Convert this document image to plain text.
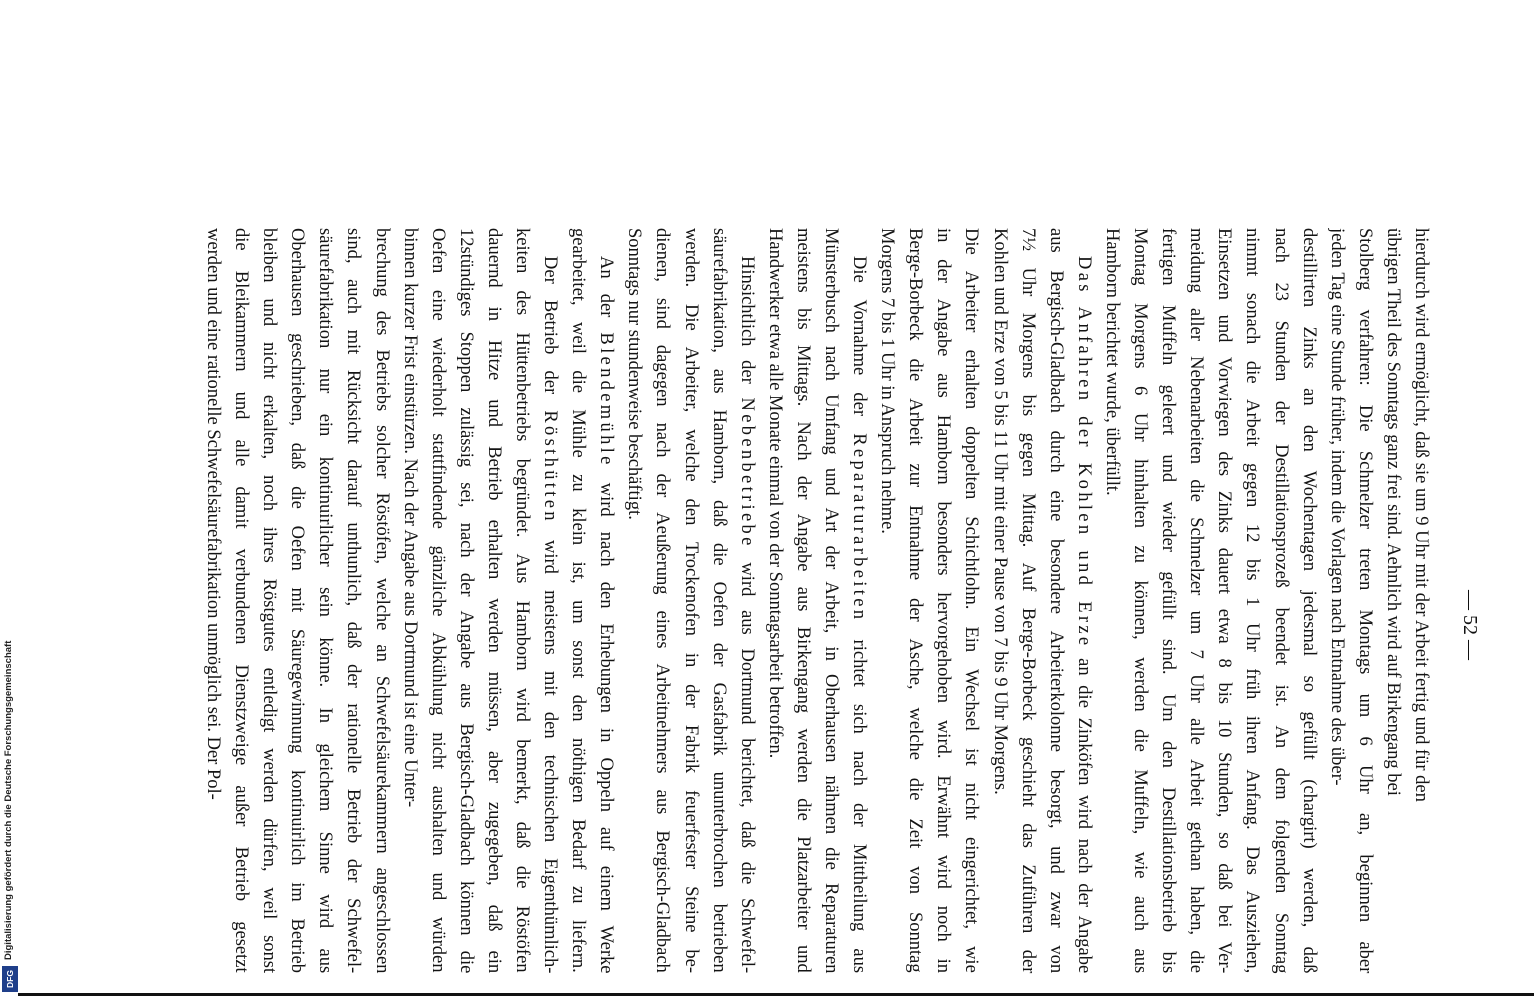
Digitalisierung gefördert durch die Deutsche Forschungsgemeinschaft
DFG
hierdurch wird ermöglicht, daß sie um 9 Uhr mit der Arbeit fertig und für den
übrigen Theil des Sonntags ganz frei sind. Aehnlich wird auf Birkengang bei
Stolberg verfahren: Die Schmelzer treten Montags um 6 Uhr an, beginnen aber
jeden Tag eine Stunde früher, indem die Vorlagen nach Entnahme des über-
destillirten Zinks an den Wochentagen jedesmal so gefüllt (chargirt) werden, daß
nach 23 Stunden der Destillationsprozeß beendet ist. An dem folgenden Sonntag
nimmt sonach die Arbeit gegen 12 bis 1 Uhr früh ihren Anfang. Das Ausziehen,
Einsetzen und Vorwiegen des Zinks dauert etwa 8 bis 10 Stunden, so daß bei Ver-
meidung aller Nebenarbeiten die Schmelzer um 7 Uhr alle Arbeit gethan haben, die
fertigen Muffeln geleert und wieder gefüllt sind. Um den Destillationsbetrieb bis
Montag Morgens 6 Uhr hinhalten zu können, werden die Muffeln, wie auch aus
Hamborn berichtet wurde, überfüllt.
Das Anfahren der Kohlen und Erze an die Zinköfen wird nach der Angabe
aus Bergisch-Gladbach durch eine besondere Arbeiterkolonne besorgt, und zwar von
7½ Uhr Morgens bis gegen Mittag. Auf Berge-Borbeck geschieht das Zuführen der
Kohlen und Erze von 5 bis 11 Uhr mit einer Pause von 7 bis 9 Uhr Morgens.
Die Arbeiter erhalten doppelten Schichtlohn. Ein Wechsel ist nicht eingerichtet, wie
in der Angabe aus Hamborn besonders hervorgehoben wird. Erwähnt wird noch in
Berge-Borbeck die Arbeit zur Entnahme der Asche, welche die Zeit von Sonntag
Morgens 7 bis 1 Uhr in Anspruch nehme.
Die Vornahme der Reparaturarbeiten richtet sich nach der Mittheilung aus
Münsterbusch nach Umfang und Art der Arbeit, in Oberhausen nähmen die Reparaturen
meistens bis Mittags. Nach der Angabe aus Birkengang werden die Platzarbeiter und
Handwerker etwa alle Monate einmal von der Sonntagsarbeit betroffen.
Hinsichtlich der Nebenbetriebe wird aus Dortmund berichtet, daß die Schwefel-
säurefabrikation, aus Hamborn, daß die Oefen der Gasfabrik ununterbrochen betrieben
werden. Die Arbeiter, welche den Trockenofen in der Fabrik feuerfester Steine be-
dienen, sind dagegen nach der Aeußerung eines Arbeitnehmers aus Bergisch-Gladbach
Sonntags nur stundenweise beschäftigt.
An der Blendemühle wird nach den Erhebungen in Oppeln auf einem Werke
gearbeitet, weil die Mühle zu klein ist, um sonst den nöthigen Bedarf zu liefern.
Der Betrieb der Rösthütten wird meistens mit den technischen Eigenthümlich-
keiten des Hüttenbetriebs begründet. Aus Hamborn wird bemerkt, daß die Röstöfen
dauernd in Hitze und Betrieb erhalten werden müssen, aber zugegeben, daß ein
12stündiges Stoppen zulässig sei, nach der Angabe aus Bergisch-Gladbach können die
Oefen eine wiederholt stattfindende gänzliche Abkühlung nicht aushalten und würden
binnen kurzer Frist einstürzen. Nach der Angabe aus Dortmund ist eine Unter-
brechung des Betriebs solcher Röstöfen, welche an Schwefelsäurekammern angeschlossen
sind, auch mit Rücksicht darauf unthunlich, daß der rationelle Betrieb der Schwefel-
säurefabrikation nur ein kontinuirlicher sein könne. In gleichem Sinne wird aus
Oberhausen geschrieben, daß die Oefen mit Säuregewinnung kontinuirlich im Betrieb
bleiben und nicht erkalten, noch ihres Röstgutes entledigt werden dürfen, weil sonst
die Bleikammern und alle damit verbundenen Dienstzweige außer Betrieb gesetzt
werden und eine rationelle Schwefelsäurefabrikation unmöglich sei. Der Pol-	— 52 —
